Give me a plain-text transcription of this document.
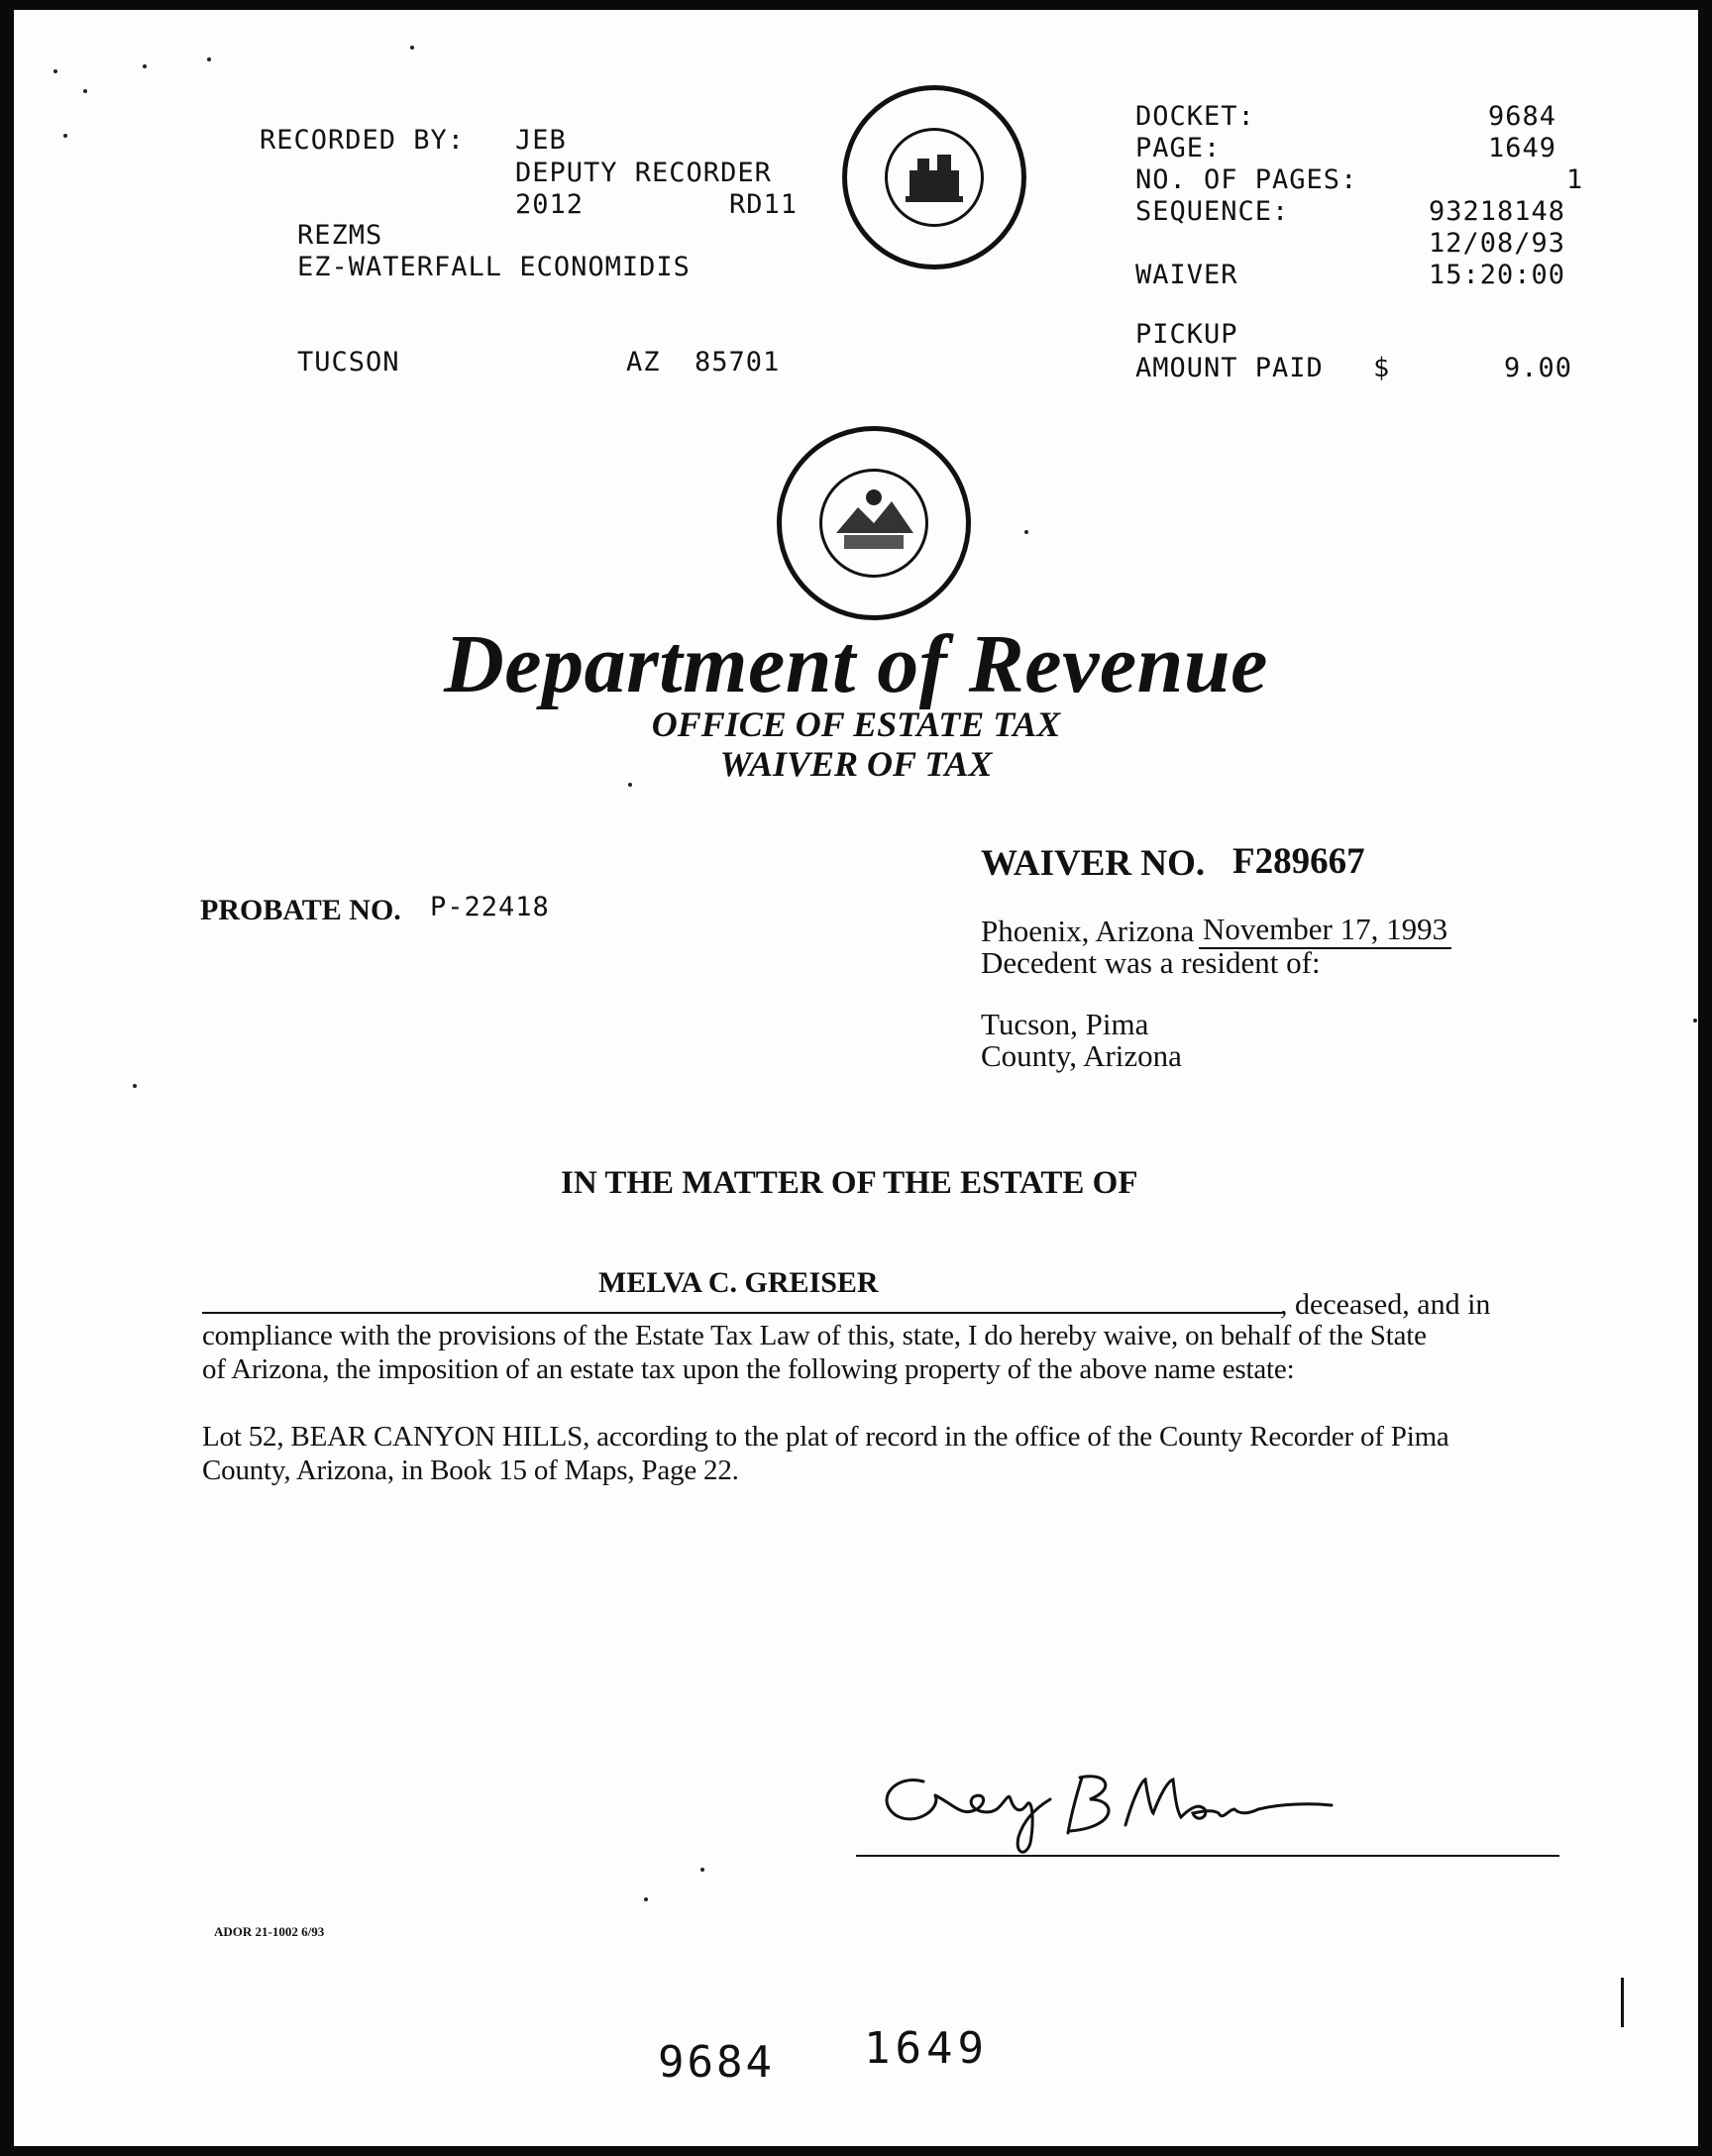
RECORDED BY: JEB
DEPUTY RECORDER
2012	RD11
REZMS
EZ-WATERFALL ECONOMIDIS
TUCSON	AZ  85701
DOCKET:	9684
PAGE:	1649
NO. OF PAGES:	1
SEQUENCE:	93218148
12/08/93
WAIVER	15:20:00
PICKUP
AMOUNT PAID $	9.00
Department of Revenue
OFFICE OF ESTATE TAX
WAIVER OF TAX
WAIVER NO. F289667
PROBATE NO. P-22418
Phoenix, Arizona November 17, 1993
Decedent was a resident of:
Tucson, Pima
County, Arizona
IN THE MATTER OF THE ESTATE OF
MELVA C. GREISER
, deceased, and in
compliance with the provisions of the Estate Tax Law of this, state, I do hereby waive, on behalf of the State
of Arizona, the imposition of an estate tax upon the following property of the above name estate:
Lot 52, BEAR CANYON HILLS, according to the plat of record in the office of the County Recorder of Pima
County, Arizona, in Book 15 of Maps, Page 22.
ADOR 21-1002 6/93
9684 1649
